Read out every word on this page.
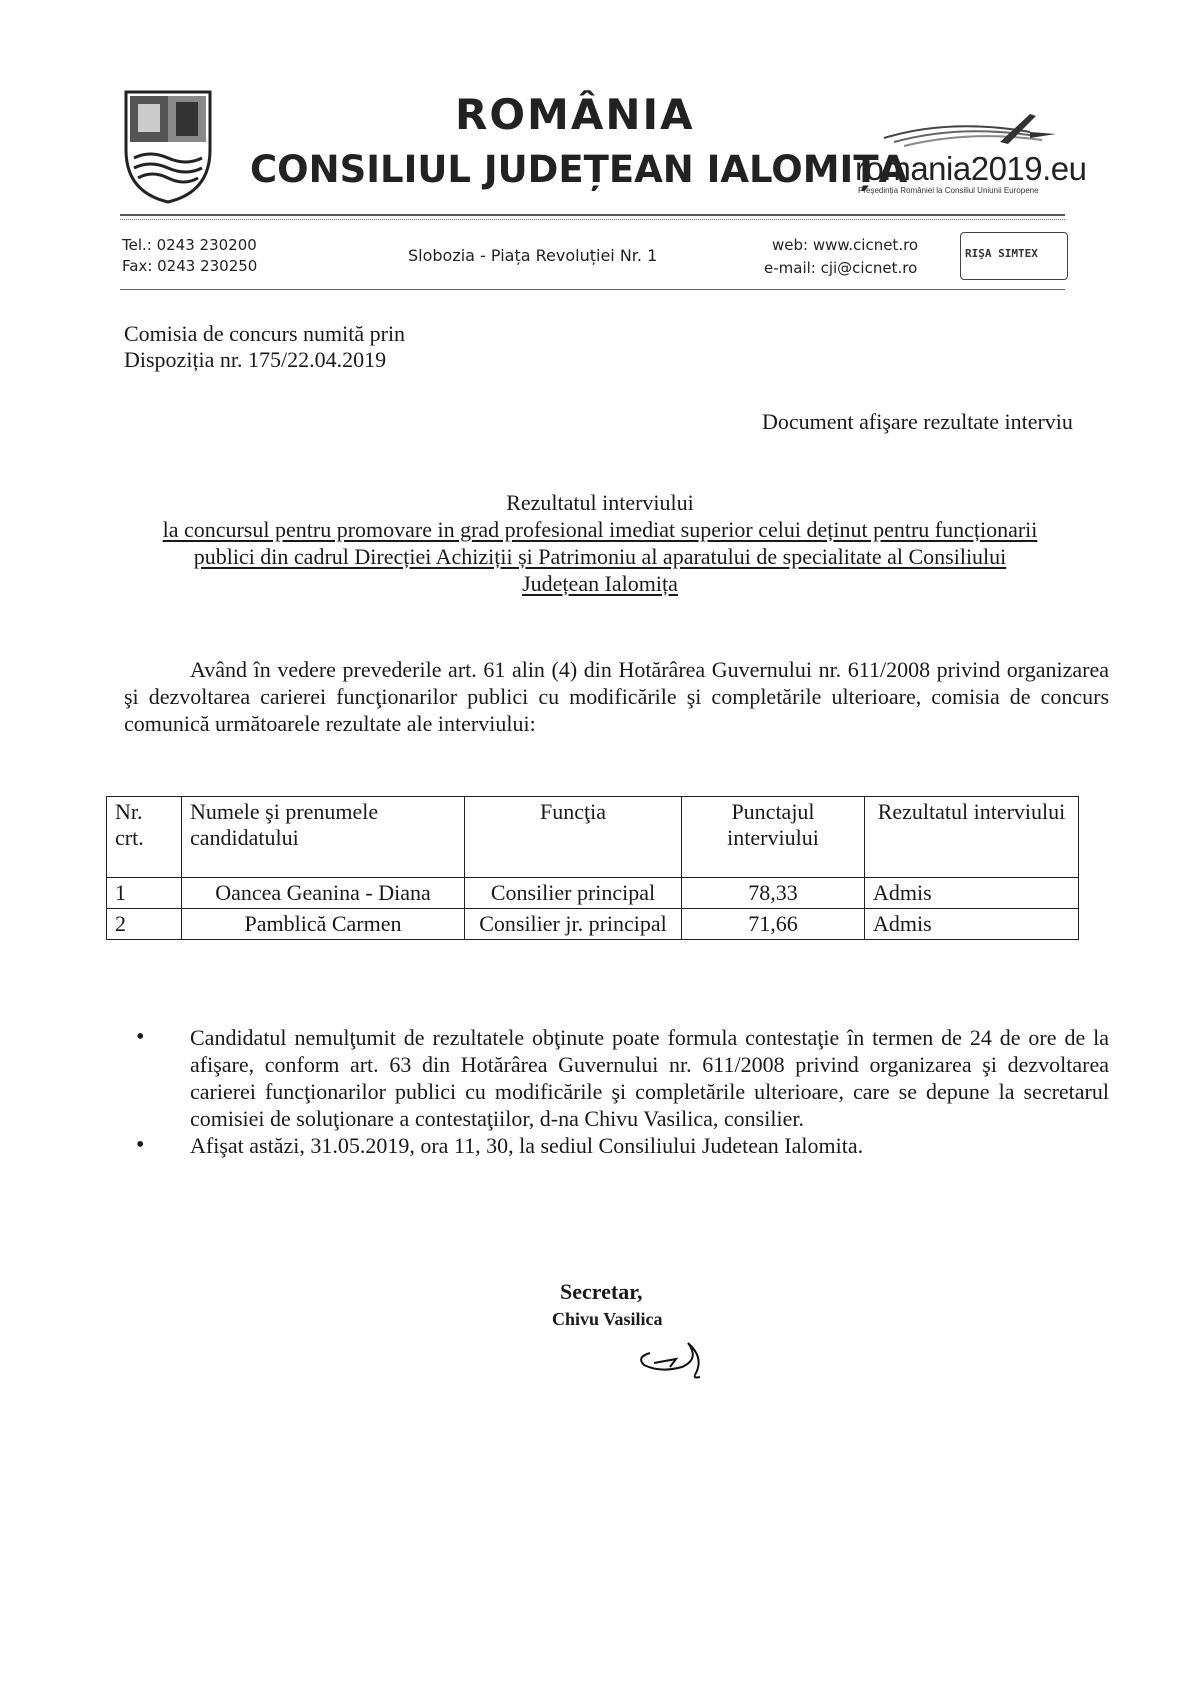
ROMÂNIA
CONSILIUL JUDEȚEAN IALOMIȚA
romania2019.eu
Președinția României la Consiliul Uniunii Europene
Tel.: 0243 230200
Fax: 0243 230250
Slobozia - Piața Revoluției Nr. 1
web: www.cicnet.ro
e-mail: cji@cicnet.ro
RIŞA SIMTEX
Comisia de concurs numită prin
Dispoziția nr. 175/22.04.2019
Document afişare rezultate interviu
Rezultatul interviului
la concursul pentru promovare in grad profesional imediat superior celui deținut pentru funcționarii
publici din cadrul Direcției Achiziții și Patrimoniu al aparatului de specialitate al Consiliului
Județean Ialomița
Având în vedere prevederile art. 61 alin (4) din Hotărârea Guvernului nr. 611/2008 privind organizarea şi dezvoltarea carierei funcţionarilor publici cu modificările şi completările ulterioare, comisia de concurs comunică următoarele rezultate ale interviului:
Nr. crt.	Numele şi prenumele candidatului	Funcţia	Punctajul interviului	Rezultatul interviului
1	Oancea Geanina - Diana	Consilier principal	78,33	Admis
2	Pamblică Carmen	Consilier jr. principal	71,66	Admis
• Candidatul nemulţumit de rezultatele obţinute poate formula contestaţie în termen de 24 de ore de la afişare, conform art. 63 din Hotărârea Guvernului nr. 611/2008 privind organizarea şi dezvoltarea carierei funcţionarilor publici cu modificările şi completările ulterioare, care se depune la secretarul comisiei de soluţionare a contestaţiilor, d-na Chivu Vasilica, consilier.
• Afişat astăzi, 31.05.2019, ora 11, 30, la sediul Consiliului Judetean Ialomita.
Secretar,
Chivu Vasilica
